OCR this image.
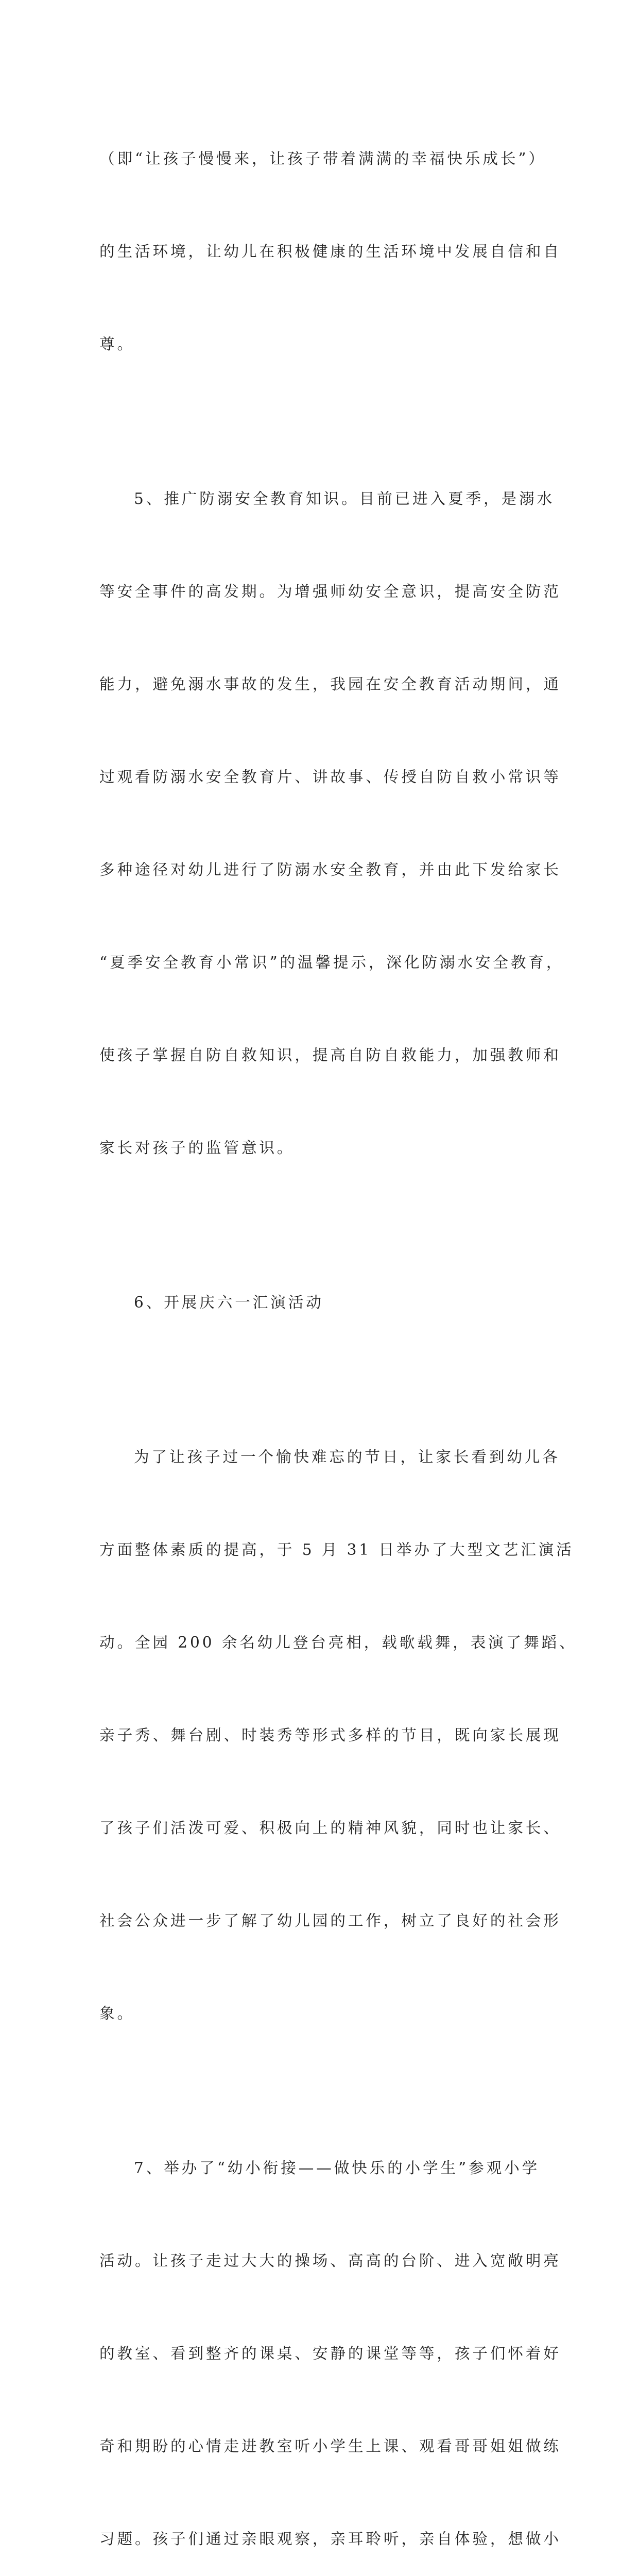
（即“让孩子慢慢来，让孩子带着满满的幸福快乐成长”）

的生活环境，让幼儿在积极健康的生活环境中发展自信和自

尊。

5、推广防溺安全教育知识。目前已进入夏季，是溺水

等安全事件的高发期。为增强师幼安全意识，提高安全防范

能力，避免溺水事故的发生，我园在安全教育活动期间，通

过观看防溺水安全教育片、讲故事、传授自防自救小常识等

多种途径对幼儿进行了防溺水安全教育，并由此下发给家长

“夏季安全教育小常识”的温馨提示，深化防溺水安全教育，

使孩子掌握自防自救知识，提高自防自救能力，加强教师和

家长对孩子的监管意识。

6、开展庆六一汇演活动

为了让孩子过一个愉快难忘的节日，让家长看到幼儿各

方面整体素质的提高，于 5 月 31 日举办了大型文艺汇演活

动。全园 200 余名幼儿登台亮相，载歌载舞，表演了舞蹈、

亲子秀、舞台剧、时装秀等形式多样的节目，既向家长展现

了孩子们活泼可爱、积极向上的精神风貌，同时也让家长、

社会公众进一步了解了幼儿园的工作，树立了良好的社会形

象。

7、举办了“幼小衔接——做快乐的小学生”参观小学

活动。让孩子走过大大的操场、高高的台阶、进入宽敞明亮

的教室、看到整齐的课桌、安静的课堂等等，孩子们怀着好

奇和期盼的心情走进教室听小学生上课、观看哥哥姐姐做练

习题。孩子们通过亲眼观察，亲耳聆听，亲自体验，想做小
